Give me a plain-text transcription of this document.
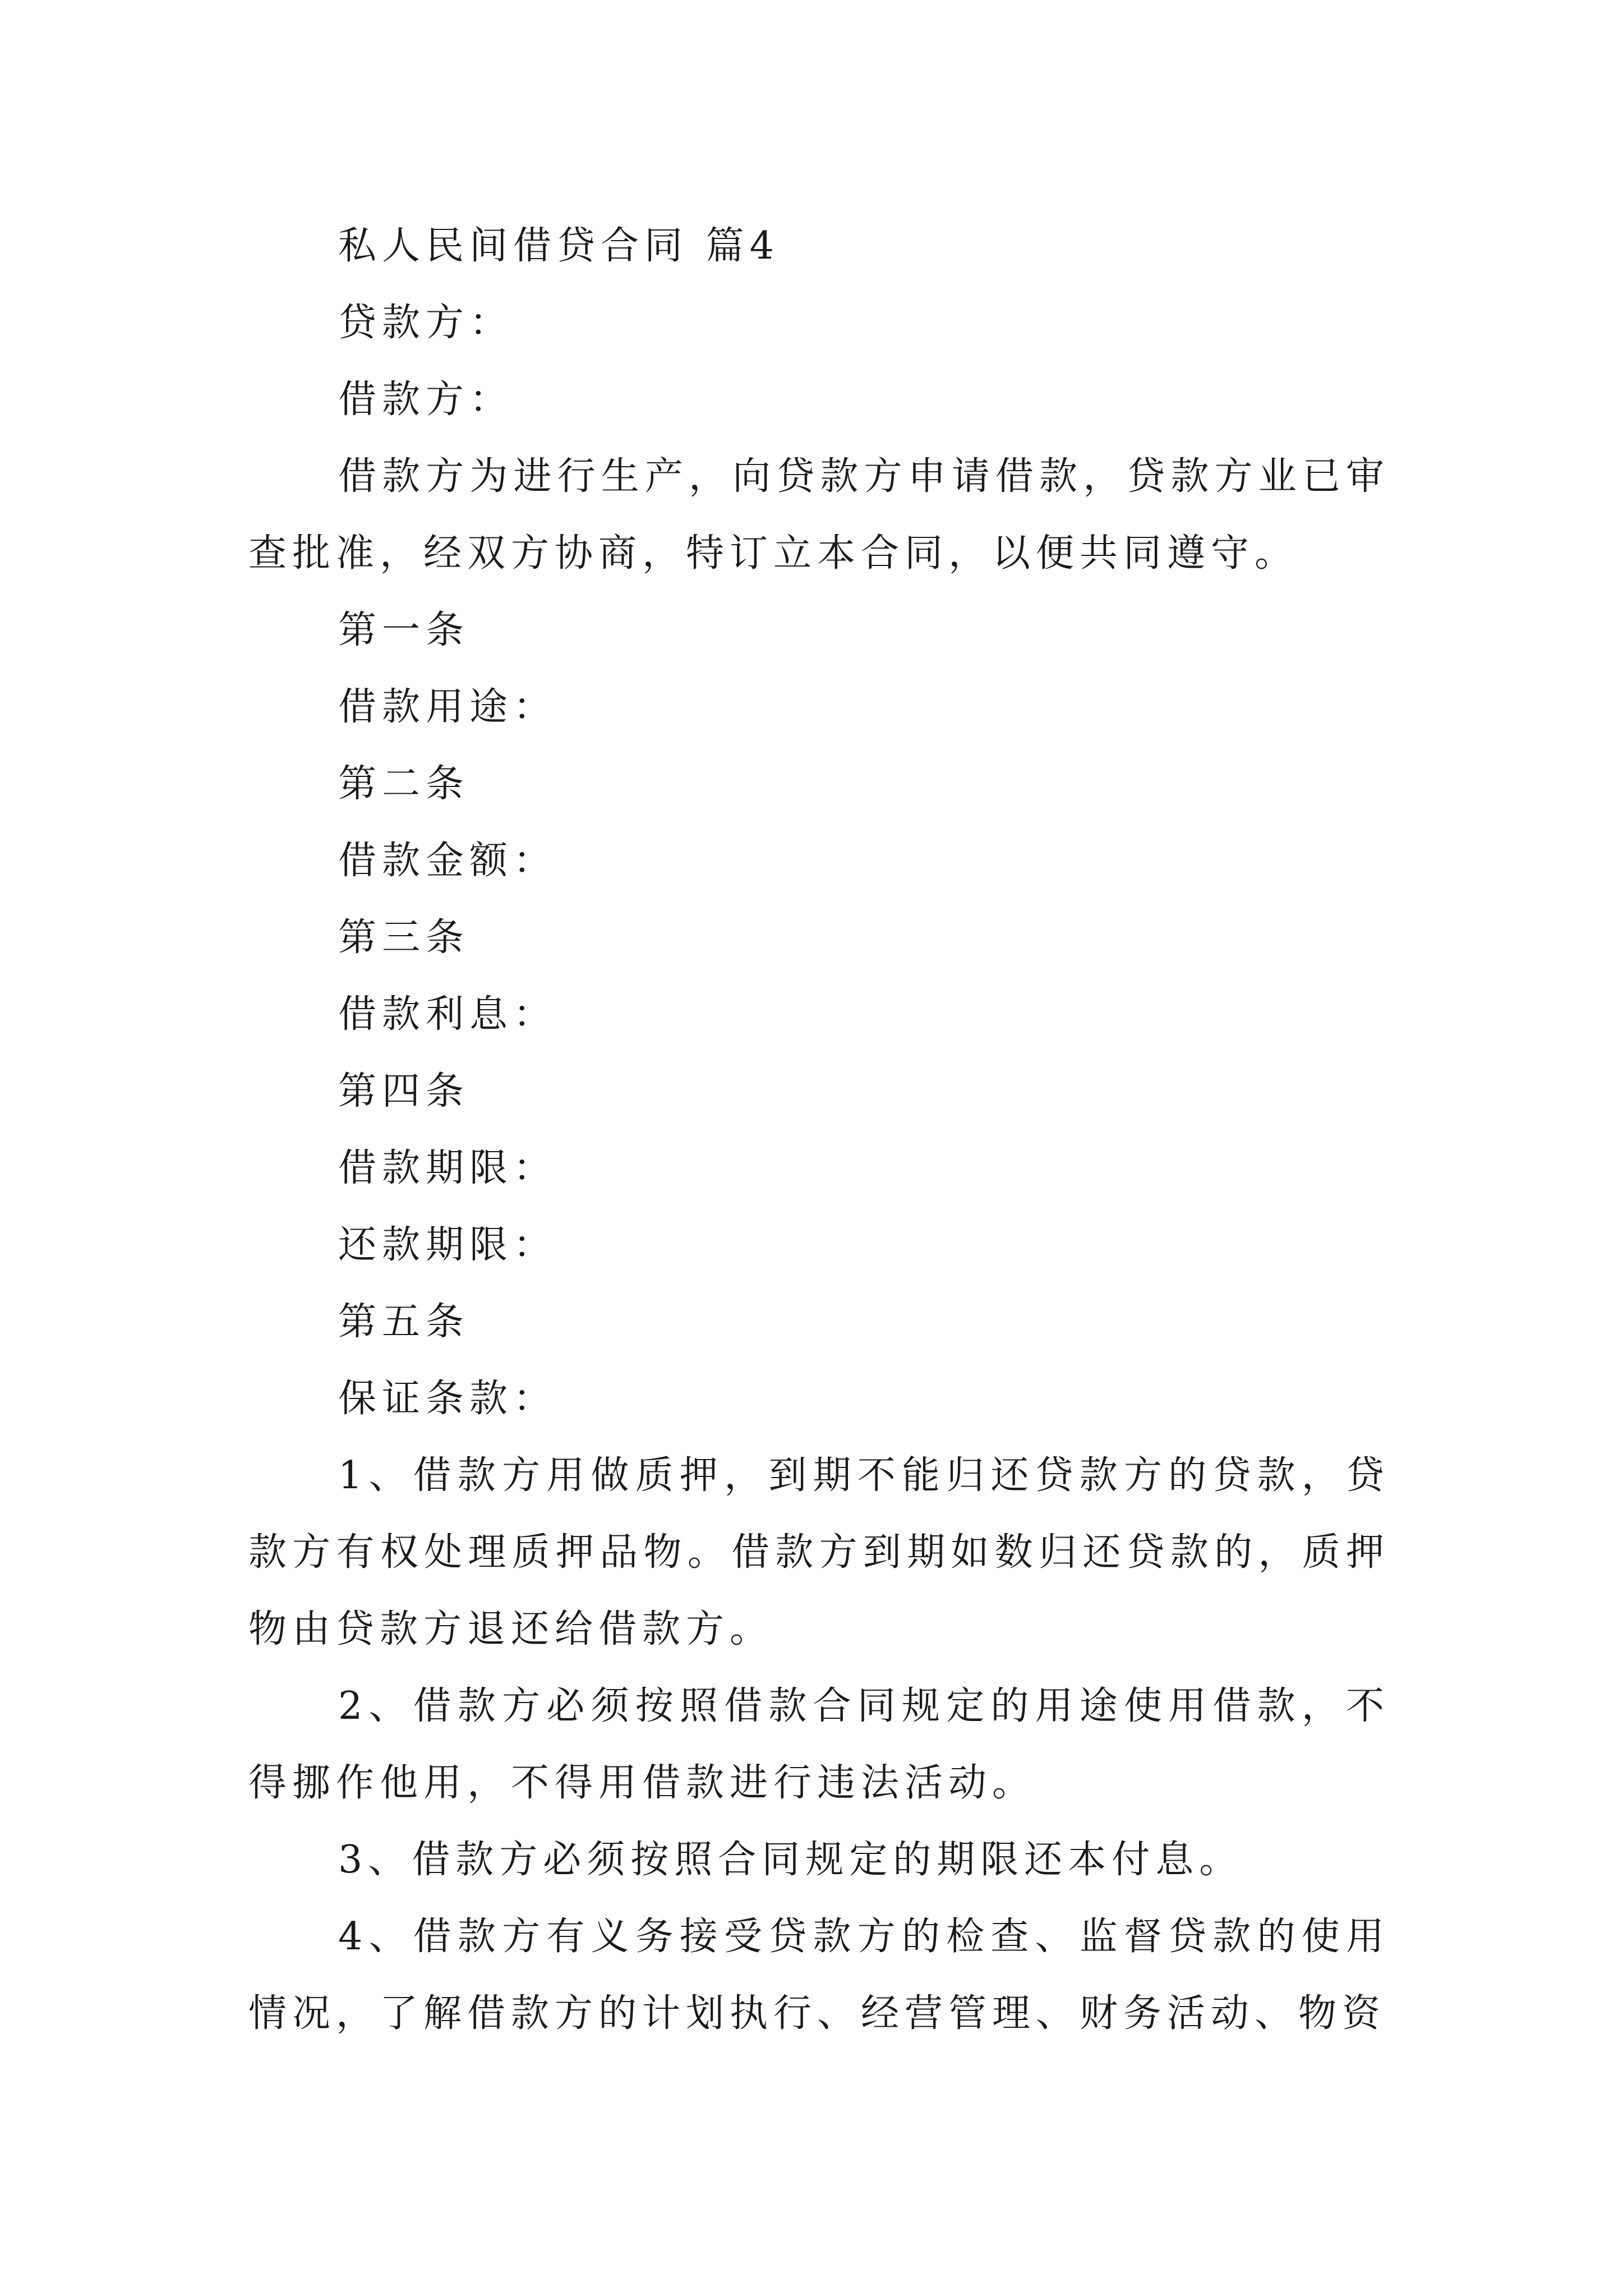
私人民间借贷合同 篇4

贷款方：

借款方：

借款方为进行生产，向贷款方申请借款，贷款方业已审查批准，经双方协商，特订立本合同，以便共同遵守。

第一条

借款用途：

第二条

借款金额：

第三条

借款利息：

第四条

借款期限：

还款期限：

第五条

保证条款：

1、借款方用做质押，到期不能归还贷款方的贷款，贷款方有权处理质押品物。借款方到期如数归还贷款的，质押物由贷款方退还给借款方。

2、借款方必须按照借款合同规定的用途使用借款，不得挪作他用，不得用借款进行违法活动。

3、借款方必须按照合同规定的期限还本付息。

4、借款方有义务接受贷款方的检查、监督贷款的使用情况，了解借款方的计划执行、经营管理、财务活动、物资
